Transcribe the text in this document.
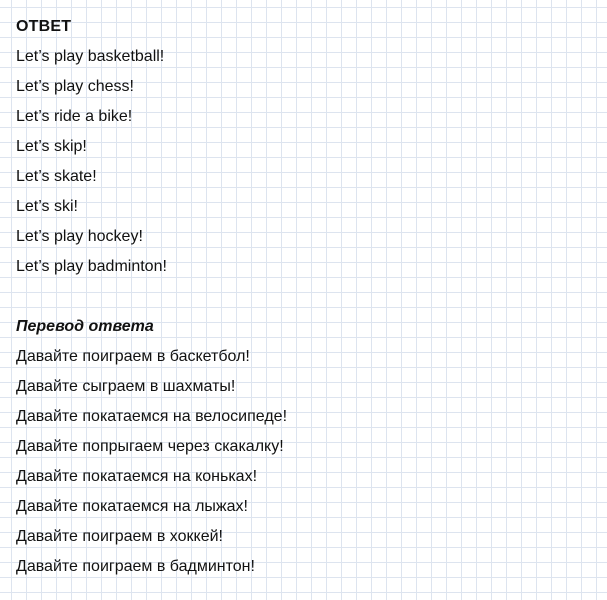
ОТВЕТ
Let’s play basketball!
Let’s play chess!
Let’s ride a bike!
Let’s skip!
Let’s skate!
Let’s ski!
Let’s play hockey!
Let’s play badminton!
Перевод ответа
Давайте поиграем в баскетбол!
Давайте сыграем в шахматы!
Давайте покатаемся на велосипеде!
Давайте попрыгаем через скакалку!
Давайте покатаемся на коньках!
Давайте покатаемся на лыжах!
Давайте поиграем в хоккей!
Давайте поиграем в бадминтон!
